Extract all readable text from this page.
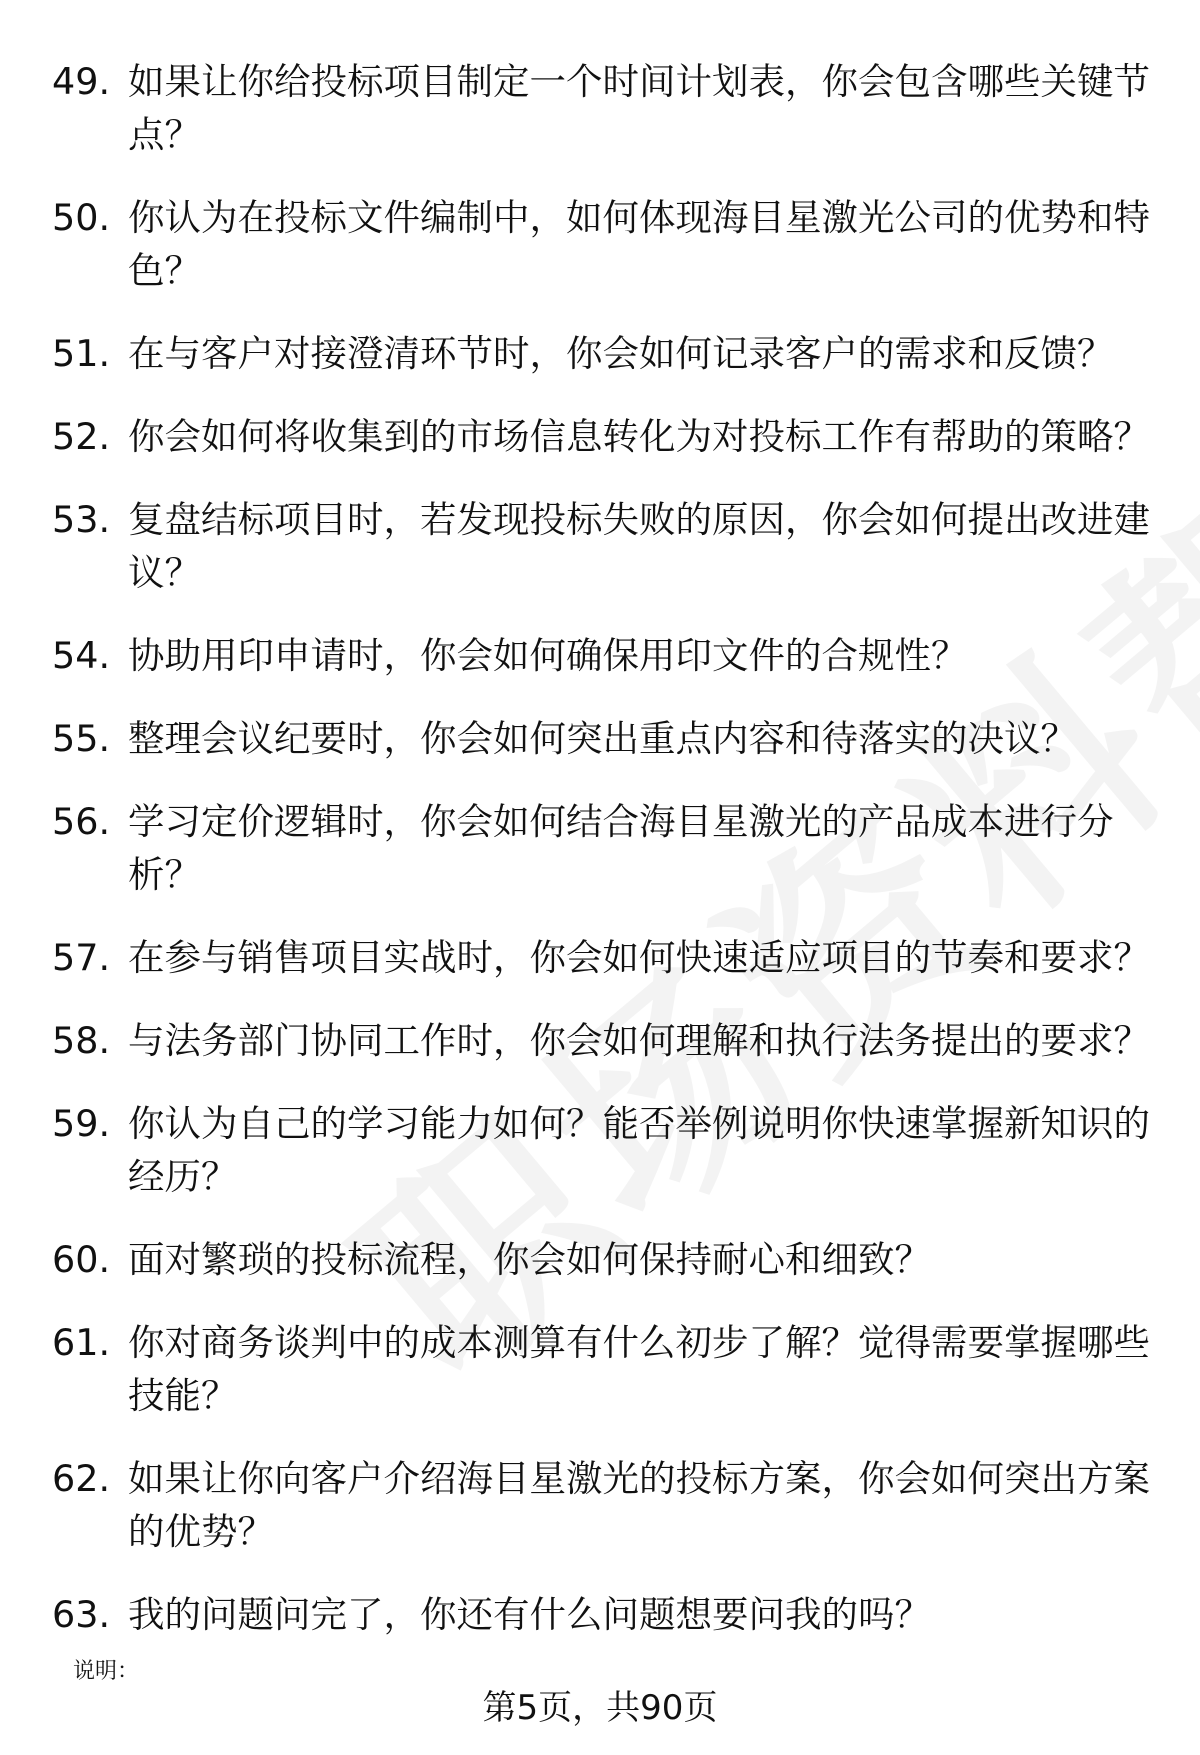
49. 如果让你给投标项目制定一个时间计划表，你会包含哪些关键节点？
50. 你认为在投标文件编制中，如何体现海目星激光公司的优势和特色？
51. 在与客户对接澄清环节时，你会如何记录客户的需求和反馈？
52. 你会如何将收集到的市场信息转化为对投标工作有帮助的策略？
53. 复盘结标项目时，若发现投标失败的原因，你会如何提出改进建议？
54. 协助用印申请时，你会如何确保用印文件的合规性？
55. 整理会议纪要时，你会如何突出重点内容和待落实的决议？
56. 学习定价逻辑时，你会如何结合海目星激光的产品成本进行分析？
57. 在参与销售项目实战时，你会如何快速适应项目的节奏和要求？
58. 与法务部门协同工作时，你会如何理解和执行法务提出的要求？
59. 你认为自己的学习能力如何？能否举例说明你快速掌握新知识的经历？
60. 面对繁琐的投标流程，你会如何保持耐心和细致？
61. 你对商务谈判中的成本测算有什么初步了解？觉得需要掌握哪些技能？
62. 如果让你向客户介绍海目星激光的投标方案，你会如何突出方案的优势？
63. 我的问题问完了，你还有什么问题想要问我的吗？
说明：
第5页，共90页
